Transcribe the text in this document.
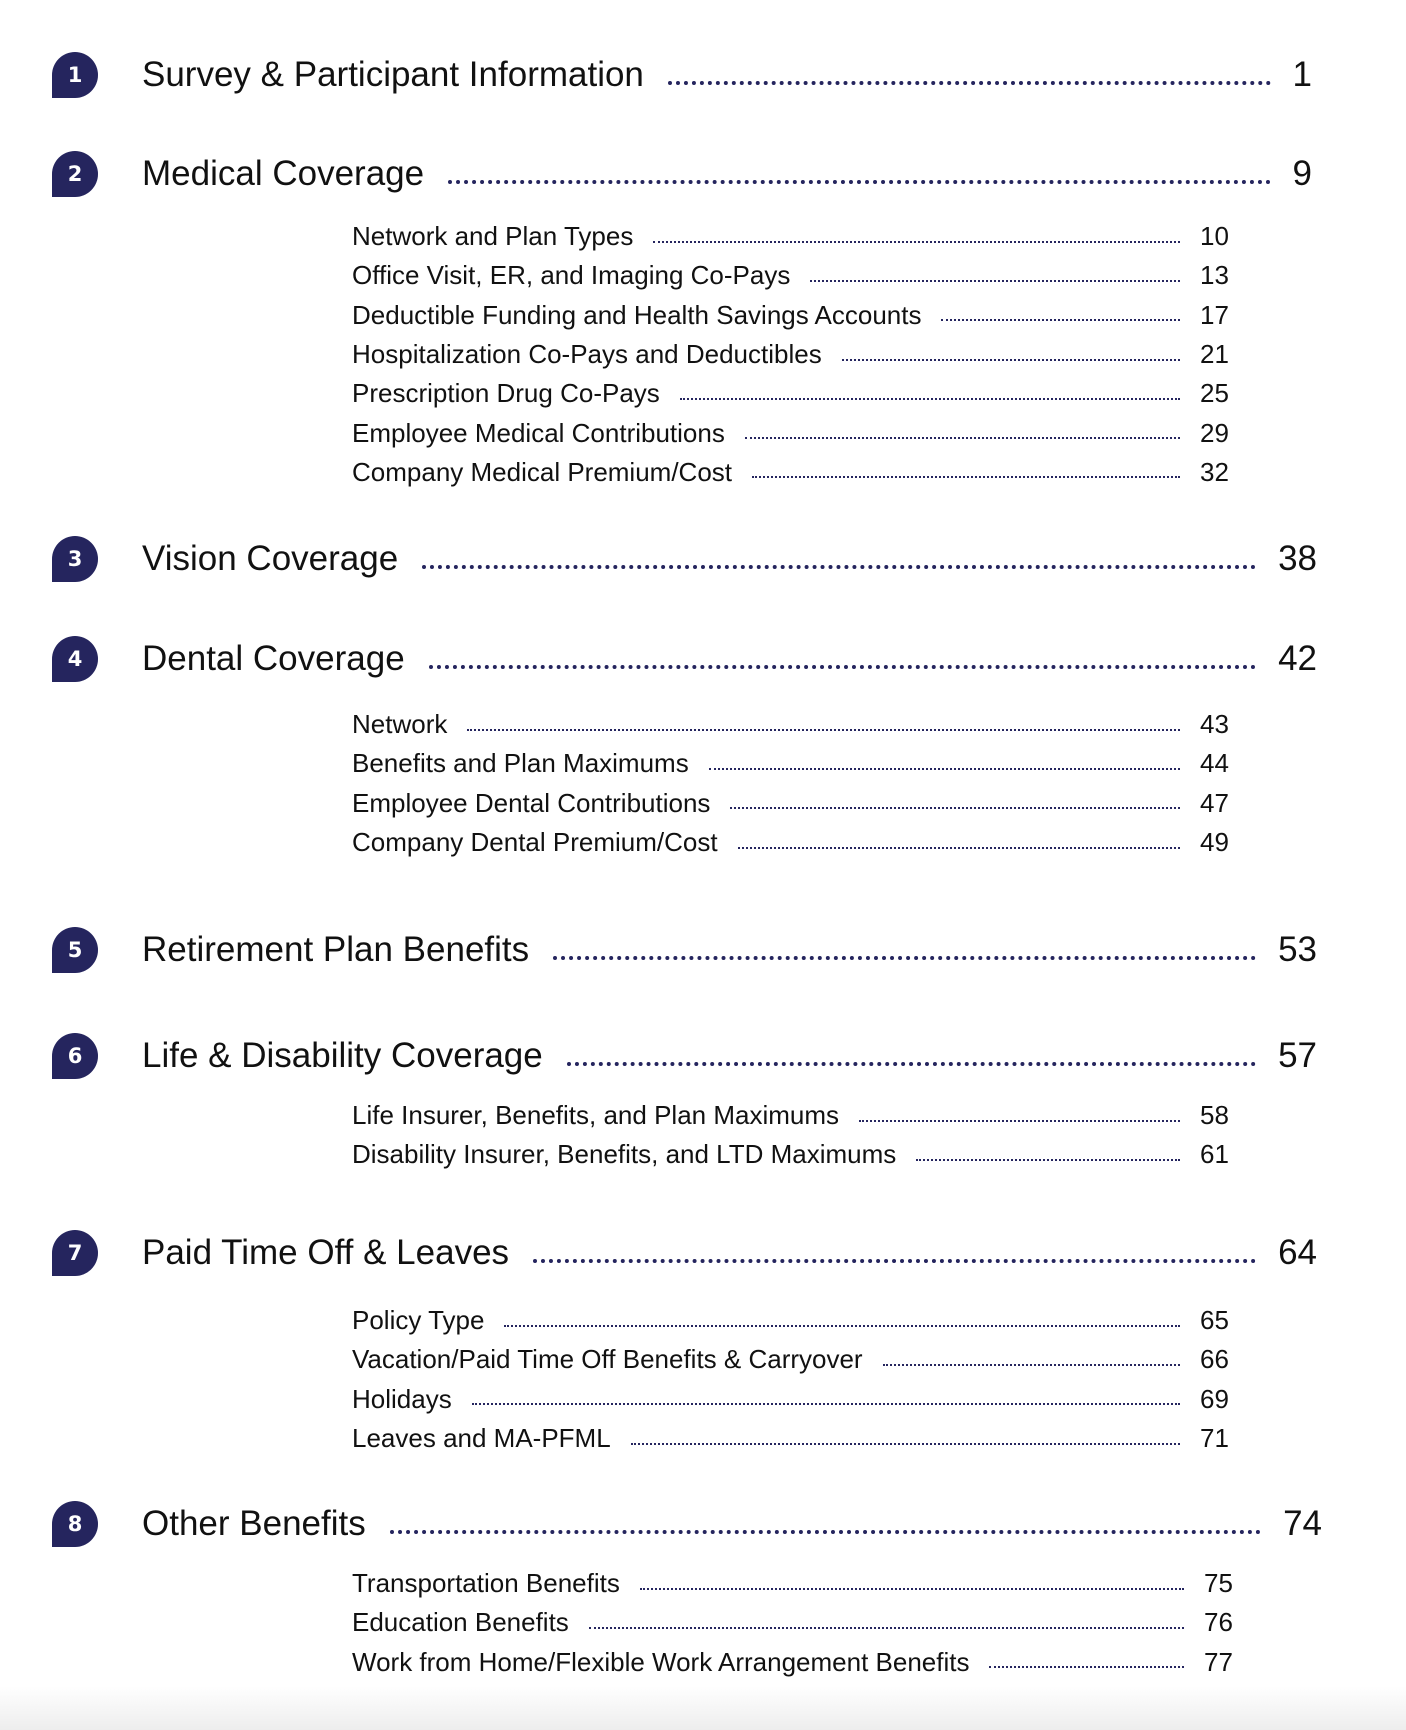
1	Survey & Participant Information	1
2	Medical Coverage	9
Network and Plan Types	10
Office Visit, ER, and Imaging Co-Pays	13
Deductible Funding and Health Savings Accounts	17
Hospitalization Co-Pays and Deductibles	21
Prescription Drug Co-Pays	25
Employee Medical Contributions	29
Company Medical Premium/Cost	32
3	Vision Coverage	38
4	Dental Coverage	42
Network	43
Benefits and Plan Maximums	44
Employee Dental Contributions	47
Company Dental Premium/Cost	49
5	Retirement Plan Benefits	53
6	Life & Disability Coverage	57
Life Insurer, Benefits, and Plan Maximums	58
Disability Insurer, Benefits, and LTD Maximums	61
7	Paid Time Off & Leaves	64
Policy Type	65
Vacation/Paid Time Off Benefits & Carryover	66
Holidays	69
Leaves and MA-PFML	71
8	Other Benefits	74
Transportation Benefits	75
Education Benefits	76
Work from Home/Flexible Work Arrangement Benefits	77
